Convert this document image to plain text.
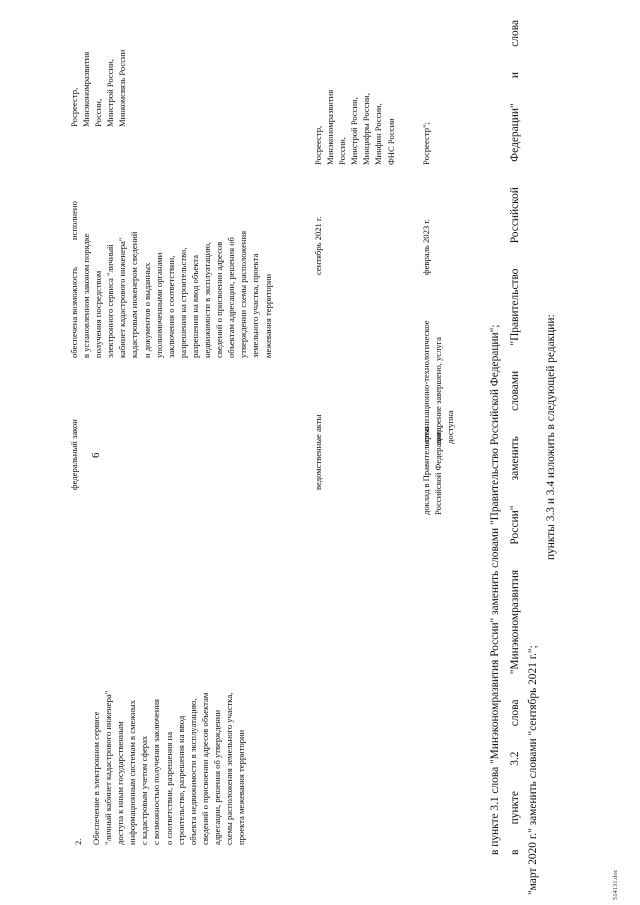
6
2. Обеспечение в электронном сервисе
"личный кабинет кадастрового инженера"
доступа к иным государственным
информационным системам в смежных
с кадастровым учетом сферах
с возможностью получения заключения
о соответствии, разрешения на
строительство, разрешения на ввод
объекта недвижимости в эксплуатацию,
сведений о присвоении адресов объектам
адресации, решения об утверждении
схемы расположения земельного участка,
проекта межевания территории
федеральный закон
обеспечена возможность
в установленном законом порядке
получения посредством
электронного сервиса "личный
кабинет кадастрового инженера"
кадастровым инженером сведений
и документов о выданных
уполномоченными органами
заключения о соответствии,
разрешения на строительство,
разрешения на ввод объекта
недвижимости в эксплуатацию,
сведений о присвоении адресов
объектам адресации, решения об
утверждении схемы расположения
земельного участка, проекта
межевания территории
исполнено
Росреестр,
Минэкономразвития
России,
Минстрой России,
Минкомсвязь России
ведомственные акты
сентябрь 2021 г.
Росреестр,
Минэкономразвития
России,
Минстрой России,
Минцифры России,
Минфин России,
ФНС России
доклад в Правительство
Российской Федерации
организационно-технологическое
внедрение завершено, услуга
доступна
февраль 2023 г.
Росреестр";
в пункте 3.1 слова "Минэкономразвития России" заменить словами "Правительство Российской Федерации"; в пункте 3.2 слова "Минэкономразвития России" заменить словами "Правительство Российской Федерации" и слова "март 2020 г." заменить словами "сентябрь 2021 г.";
пункты 3.3 и 3.4 изложить в следующей редакции:
514131.doc
